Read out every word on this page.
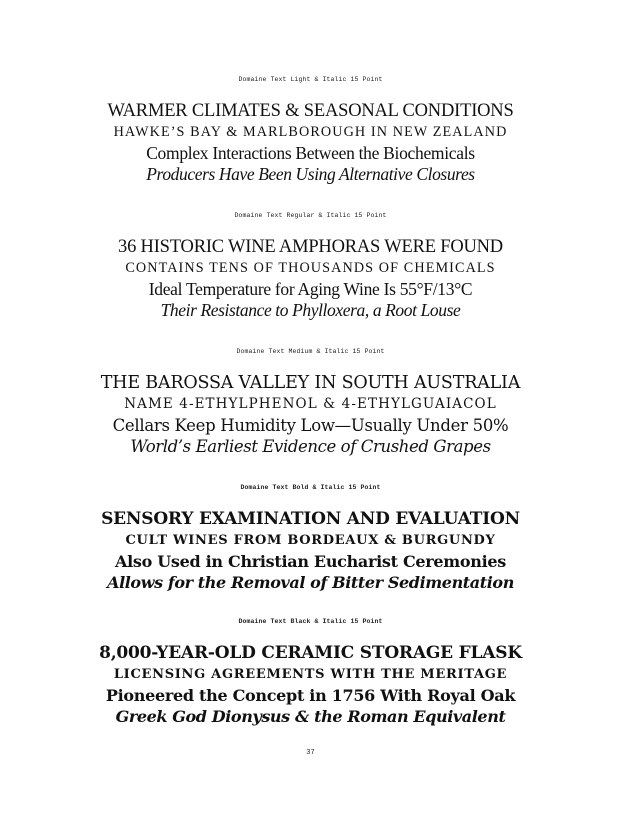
Domaine Text Light & Italic 15 Point
WARMER CLIMATES & SEASONAL CONDITIONS
HAWKE’S BAY & MARLBOROUGH IN NEW ZEALAND
Complex Interactions Between the Biochemicals
Producers Have Been Using Alternative Closures
Domaine Text Regular & Italic 15 Point
36 HISTORIC WINE AMPHORAS WERE FOUND
CONTAINS TENS OF THOUSANDS OF CHEMICALS
Ideal Temperature for Aging Wine Is 55°F/13°C
Their Resistance to Phylloxera, a Root Louse
Domaine Text Medium & Italic 15 Point
THE BAROSSA VALLEY IN SOUTH AUSTRALIA
NAME 4-ETHYLPHENOL & 4-ETHYLGUAIACOL
Cellars Keep Humidity Low—Usually Under 50%
World’s Earliest Evidence of Crushed Grapes
Domaine Text Bold & Italic 15 Point
SENSORY EXAMINATION AND EVALUATION
CULT WINES FROM BORDEAUX & BURGUNDY
Also Used in Christian Eucharist Ceremonies
Allows for the Removal of Bitter Sedimentation
Domaine Text Black & Italic 15 Point
8,000-YEAR-OLD CERAMIC STORAGE FLASK
LICENSING AGREEMENTS WITH THE MERITAGE
Pioneered the Concept in 1756 With Royal Oak
Greek God Dionysus & the Roman Equivalent
37
